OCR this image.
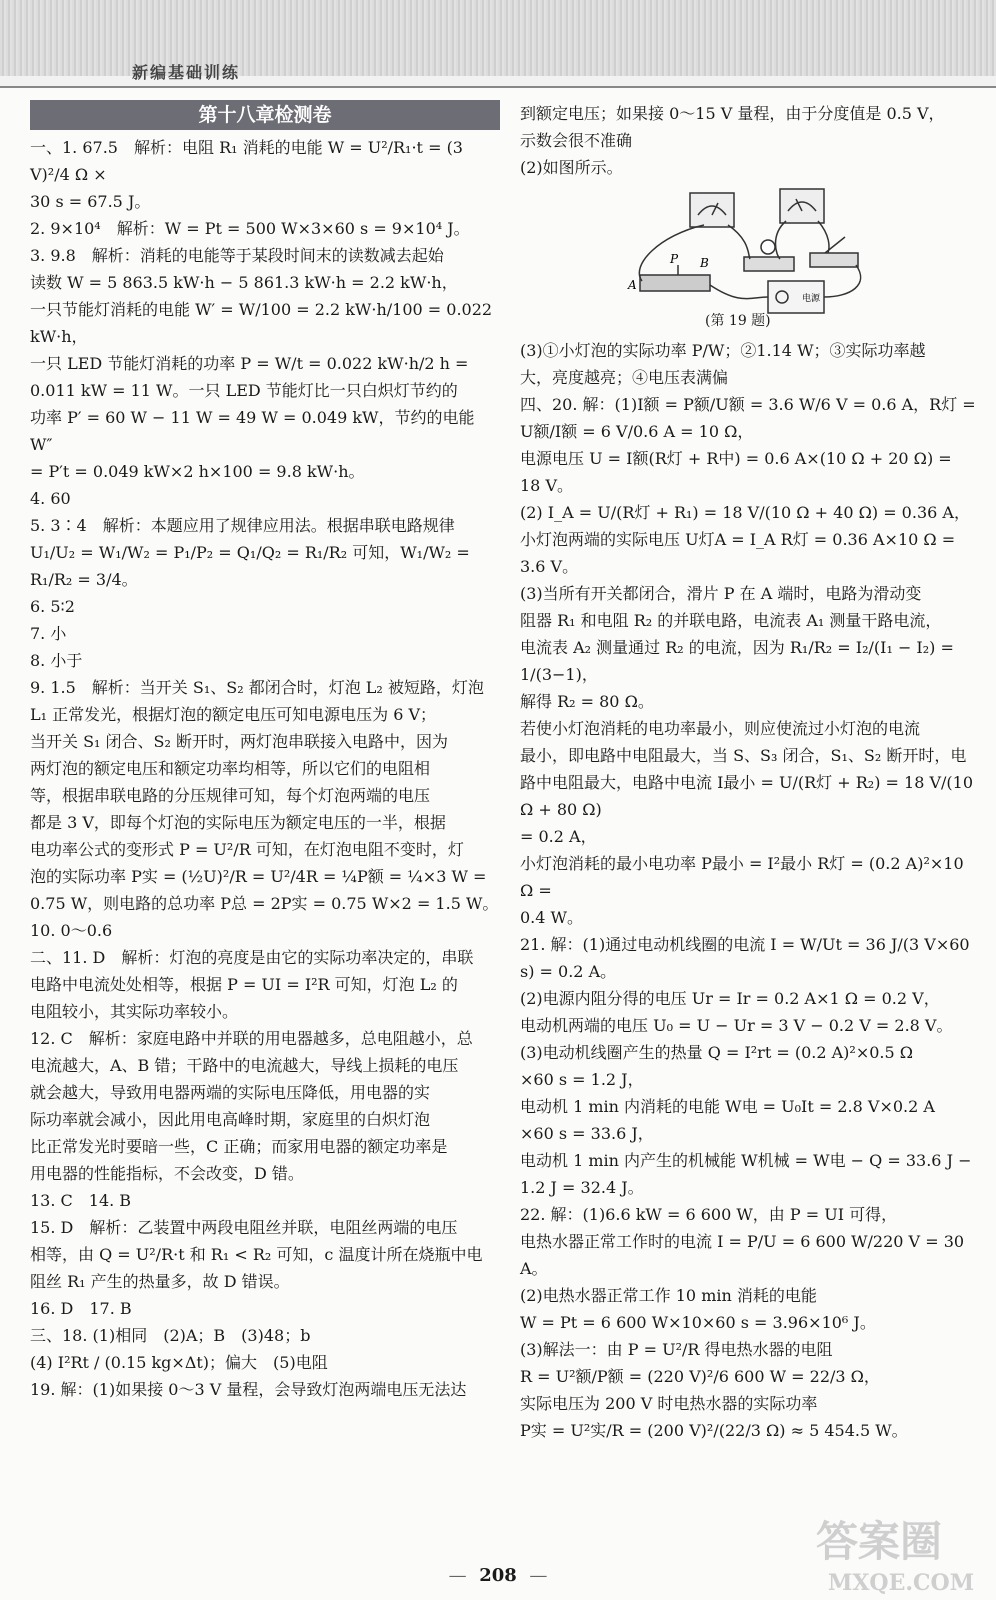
新编基础训练
第十八章检测卷

一、1. 67.5　解析：电阻 R₁ 消耗的电能 W = U²/R₁·t = (3 V)²/4 Ω ×

30 s = 67.5 J。

2. 9×10⁴　解析：W = Pt = 500 W×3×60 s = 9×10⁴ J。

3. 9.8　解析：消耗的电能等于某段时间末的读数减去起始

读数 W = 5 863.5 kW·h − 5 861.3 kW·h = 2.2 kW·h，

一只节能灯消耗的电能 W′ = W/100 = 2.2 kW·h/100 = 0.022 kW·h，

一只 LED 节能灯消耗的功率 P = W/t = 0.022 kW·h/2 h =

0.011 kW = 11 W。一只 LED 节能灯比一只白炽灯节约的

功率 P′ = 60 W − 11 W = 49 W = 0.049 kW，节约的电能 W″

= P′t = 0.049 kW×2 h×100 = 9.8 kW·h。

4. 60

5. 3∶4　解析：本题应用了规律应用法。根据串联电路规律

U₁/U₂ = W₁/W₂ = P₁/P₂ = Q₁/Q₂ = R₁/R₂ 可知，W₁/W₂ = R₁/R₂ = 3/4。

6. 5∶2

7. 小

8. 小于

9. 1.5　解析：当开关 S₁、S₂ 都闭合时，灯泡 L₂ 被短路，灯泡

L₁ 正常发光，根据灯泡的额定电压可知电源电压为 6 V；

当开关 S₁ 闭合、S₂ 断开时，两灯泡串联接入电路中，因为

两灯泡的额定电压和额定功率均相等，所以它们的电阻相

等，根据串联电路的分压规律可知，每个灯泡两端的电压

都是 3 V，即每个灯泡的实际电压为额定电压的一半，根据

电功率公式的变形式 P = U²/R 可知，在灯泡电阻不变时，灯

泡的实际功率 P实 = (½U)²/R = U²/4R = ¼P额 = ¼×3 W =

0.75 W，则电路的总功率 P总 = 2P实 = 0.75 W×2 = 1.5 W。

10. 0～0.6

二、11. D　解析：灯泡的亮度是由它的实际功率决定的，串联

电路中电流处处相等，根据 P = UI = I²R 可知，灯泡 L₂ 的

电阻较小，其实际功率较小。

12. C　解析：家庭电路中并联的用电器越多，总电阻越小，总

电流越大，A、B 错；干路中的电流越大，导线上损耗的电压

就会越大，导致用电器两端的实际电压降低，用电器的实

际功率就会减小，因此用电高峰时期，家庭里的白炽灯泡

比正常发光时要暗一些，C 正确；而家用电器的额定功率是

用电器的性能指标，不会改变，D 错。

13. C　14. B

15. D　解析：乙装置中两段电阻丝并联，电阻丝两端的电压

相等，由 Q = U²/R·t 和 R₁ < R₂ 可知，c 温度计所在烧瓶中电

阻丝 R₁ 产生的热量多，故 D 错误。

16. D　17. B

三、18. (1)相同　(2)A；B　(3)48；b

(4) I²Rt / (0.15 kg×Δt)；偏大　(5)电阻

19. 解：(1)如果接 0～3 V 量程，会导致灯泡两端电压无法达

到额定电压；如果接 0～15 V 量程，由于分度值是 0.5 V，

示数会很不准确

(2)如图所示。

A
P B
电源
(第 19 题)

(3)①小灯泡的实际功率 P/W；②1.14 W；③实际功率越

大，亮度越亮；④电压表满偏

四、20. 解：(1)I额 = P额/U额 = 3.6 W/6 V = 0.6 A，R灯 = U额/I额 = 6 V/0.6 A = 10 Ω，

电源电压 U = I额(R灯 + R中) = 0.6 A×(10 Ω + 20 Ω) = 18 V。

(2) I_A = U/(R灯 + R₁) = 18 V/(10 Ω + 40 Ω) = 0.36 A，

小灯泡两端的实际电压 U灯A = I_A R灯 = 0.36 A×10 Ω = 3.6 V。

(3)当所有开关都闭合，滑片 P 在 A 端时，电路为滑动变

阻器 R₁ 和电阻 R₂ 的并联电路，电流表 A₁ 测量干路电流，

电流表 A₂ 测量通过 R₂ 的电流，因为 R₁/R₂ = I₂/(I₁ − I₂) = 1/(3−1)，

解得 R₂ = 80 Ω。

若使小灯泡消耗的电功率最小，则应使流过小灯泡的电流

最小，即电路中电阻最大，当 S、S₃ 闭合，S₁、S₂ 断开时，电

路中电阻最大，电路中电流 I最小 = U/(R灯 + R₂) = 18 V/(10 Ω + 80 Ω)

= 0.2 A，

小灯泡消耗的最小电功率 P最小 = I²最小 R灯 = (0.2 A)²×10 Ω =

0.4 W。

21. 解：(1)通过电动机线圈的电流 I = W/Ut = 36 J/(3 V×60 s) = 0.2 A。

(2)电源内阻分得的电压 Ur = Ir = 0.2 A×1 Ω = 0.2 V，

电动机两端的电压 U₀ = U − Ur = 3 V − 0.2 V = 2.8 V。

(3)电动机线圈产生的热量 Q = I²rt = (0.2 A)²×0.5 Ω

×60 s = 1.2 J，

电动机 1 min 内消耗的电能 W电 = U₀It = 2.8 V×0.2 A

×60 s = 33.6 J，

电动机 1 min 内产生的机械能 W机械 = W电 − Q = 33.6 J −

1.2 J = 32.4 J。

22. 解：(1)6.6 kW = 6 600 W，由 P = UI 可得，

电热水器正常工作时的电流 I = P/U = 6 600 W/220 V = 30 A。

(2)电热水器正常工作 10 min 消耗的电能

W = Pt = 6 600 W×10×60 s = 3.96×10⁶ J。

(3)解法一：由 P = U²/R 得电热水器的电阻

R = U²额/P额 = (220 V)²/6 600 W = 22/3 Ω，

实际电压为 200 V 时电热水器的实际功率

P实 = U²实/R = (200 V)²/(22/3 Ω) ≈ 5 454.5 W。

— 208 —
答案圈
MXQE.COM
